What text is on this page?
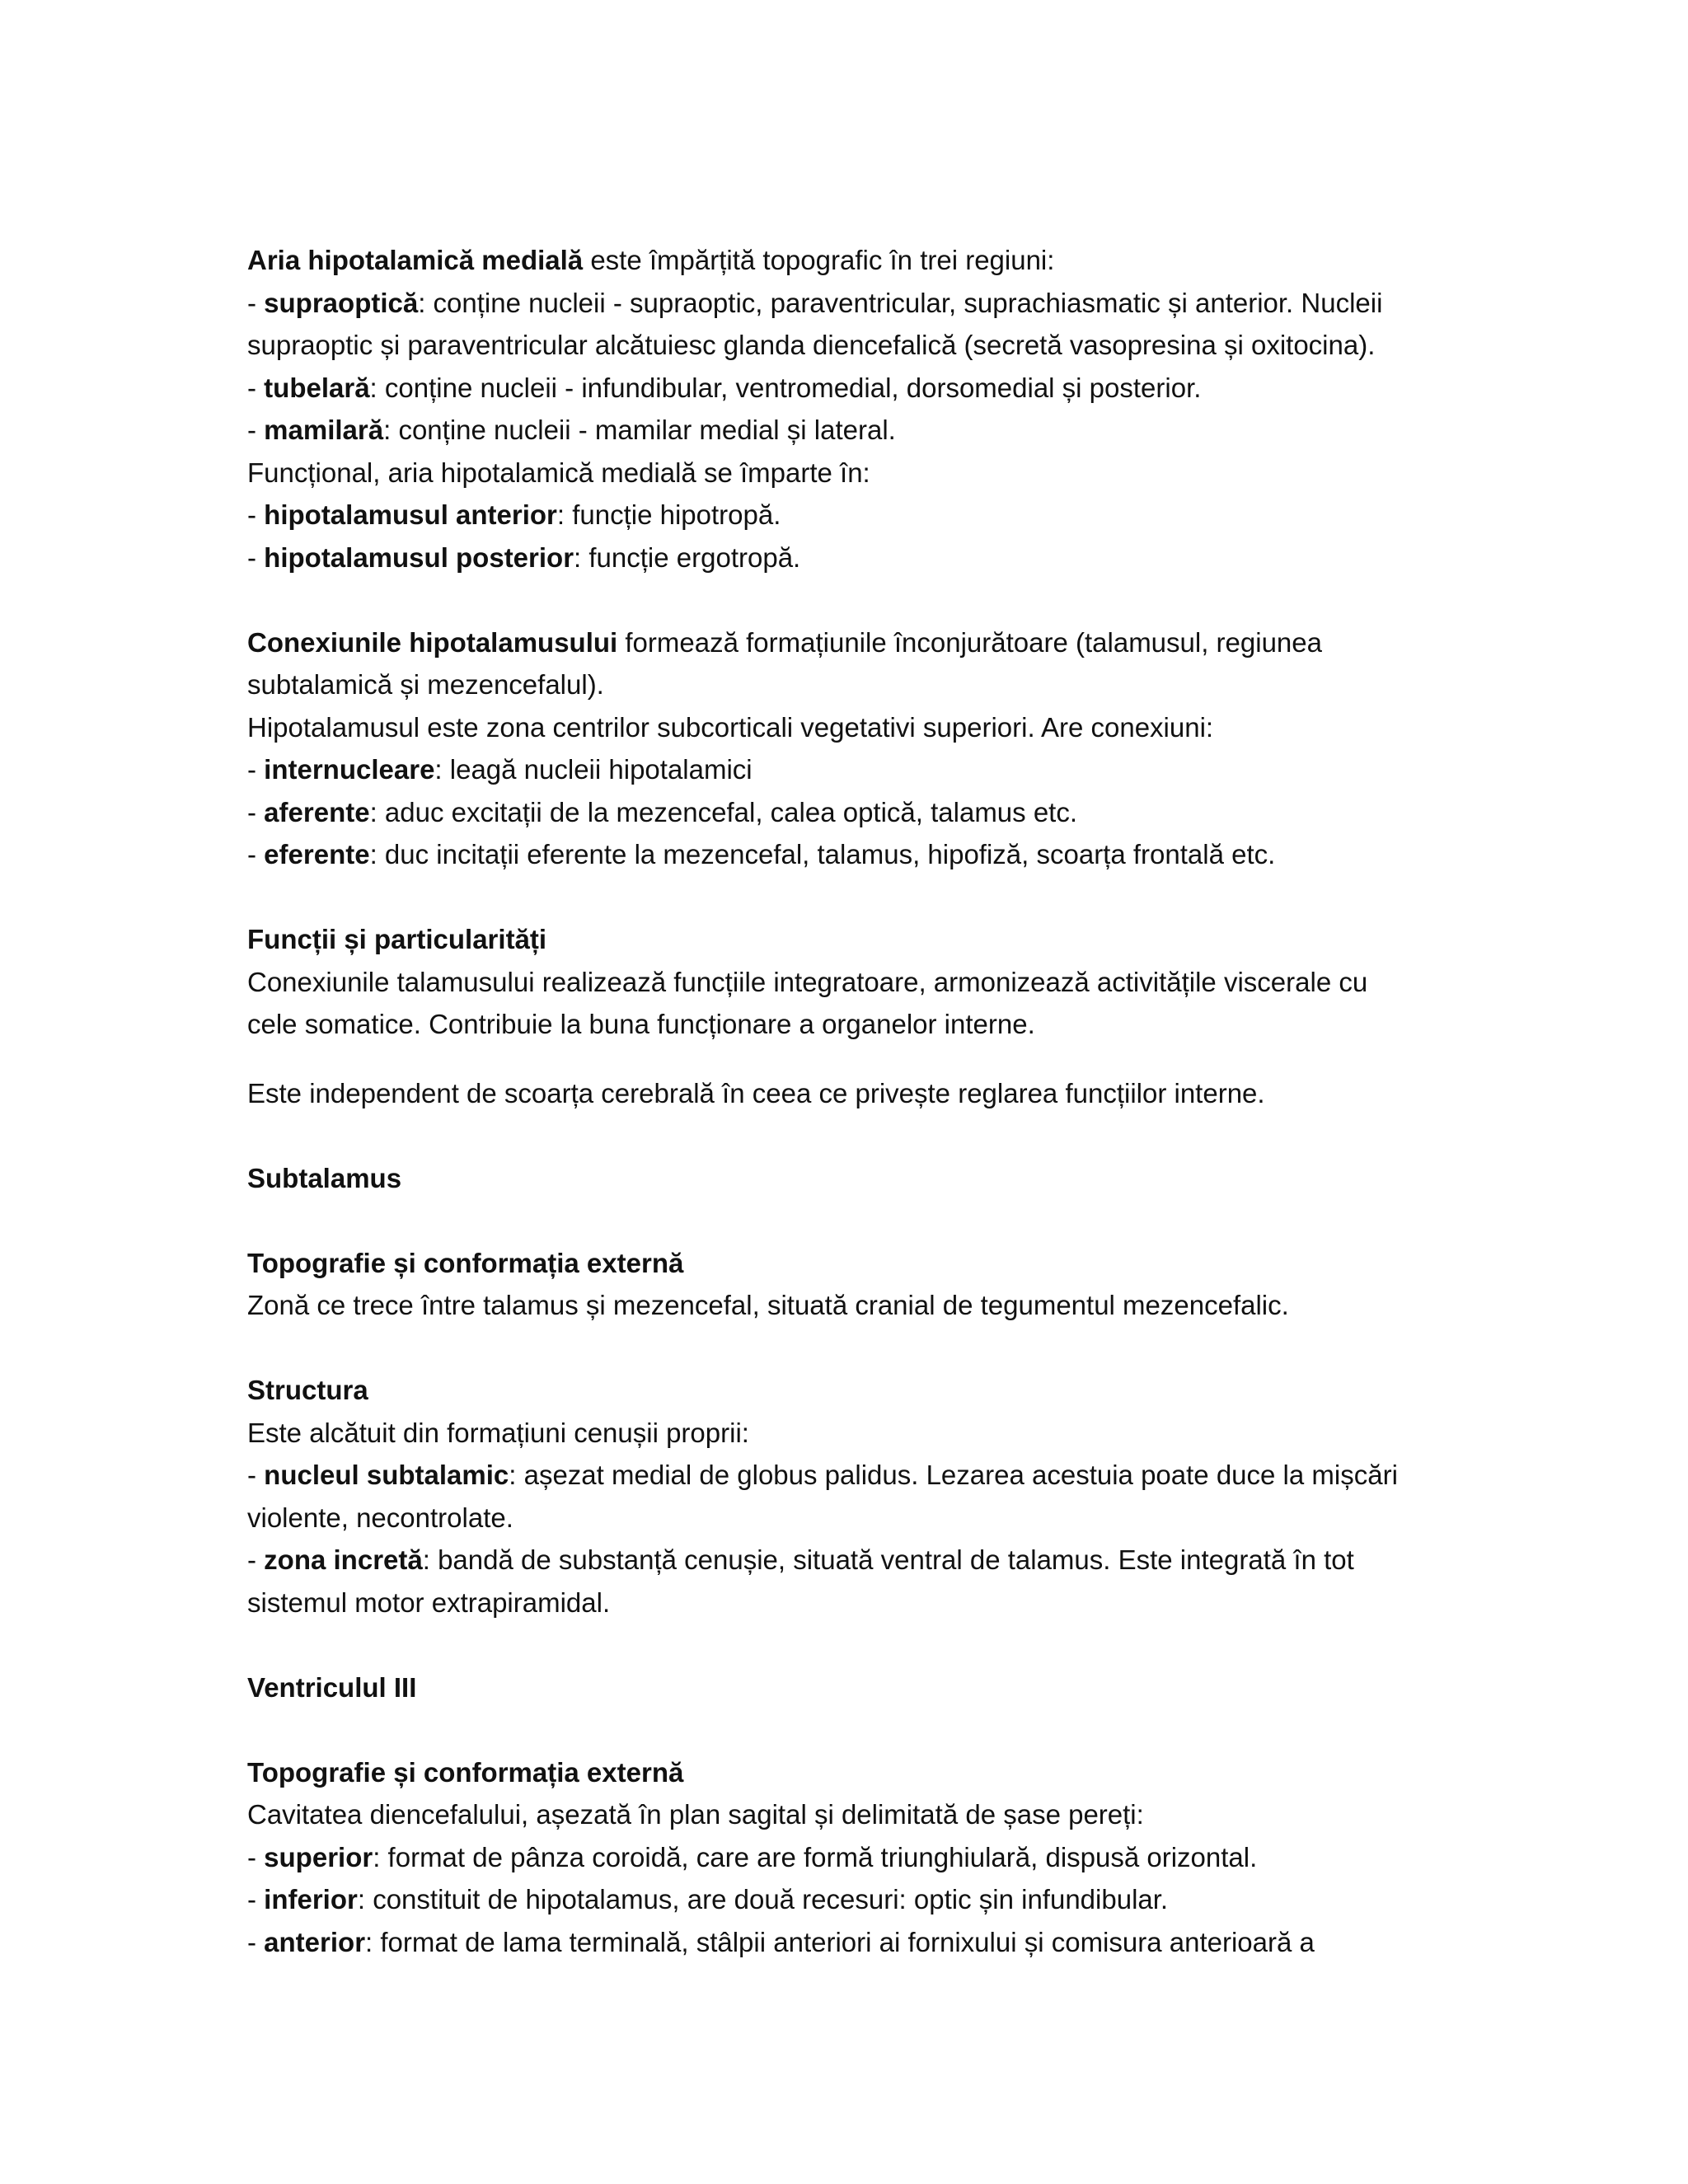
Aria hipotalamică medială este împărțită topografic în trei regiuni:
- supraoptică: conține nucleii - supraoptic, paraventricular, suprachiasmatic și anterior. Nucleii
supraoptic și paraventricular alcătuiesc glanda diencefalică (secretă vasopresina și oxitocina).
- tubelară: conține nucleii - infundibular, ventromedial, dorsomedial și posterior.
- mamilară: conține nucleii - mamilar medial și lateral.
Funcțional, aria hipotalamică medială se împarte în:
- hipotalamusul anterior: funcție hipotropă.
- hipotalamusul posterior: funcție ergotropă.
Conexiunile hipotalamusului formează formațiunile înconjurătoare (talamusul, regiunea
subtalamică și mezencefalul).
Hipotalamusul este zona centrilor subcorticali vegetativi superiori. Are conexiuni:
- internucleare: leagă nucleii hipotalamici
- aferente: aduc excitații de la mezencefal, calea optică, talamus etc.
- eferente: duc incitații eferente la mezencefal, talamus, hipofiză, scoarța frontală etc.
Funcții și particularități
Conexiunile talamusului realizează funcțiile integratoare, armonizează activitățile viscerale cu
cele somatice. Contribuie la buna funcționare a organelor interne.
Este independent de scoarța cerebrală în ceea ce privește reglarea funcțiilor interne.
Subtalamus
Topografie și conformația externă
Zonă ce trece între talamus și mezencefal, situată cranial de tegumentul mezencefalic.
Structura
Este alcătuit din formațiuni cenușii proprii:
- nucleul subtalamic: așezat medial de globus palidus. Lezarea acestuia poate duce la mișcări
violente, necontrolate.
- zona incretă: bandă de substanță cenușie, situată ventral de talamus. Este integrată în tot
sistemul motor extrapiramidal.
Ventriculul III
Topografie și conformația externă
Cavitatea diencefalului, așezată în plan sagital și delimitată de șase pereți:
- superior: format de pânza coroidă, care are formă triunghiulară, dispusă orizontal.
- inferior: constituit de hipotalamus, are două recesuri: optic șin infundibular.
- anterior: format de lama terminală, stâlpii anteriori ai fornixului și comisura anterioară a
